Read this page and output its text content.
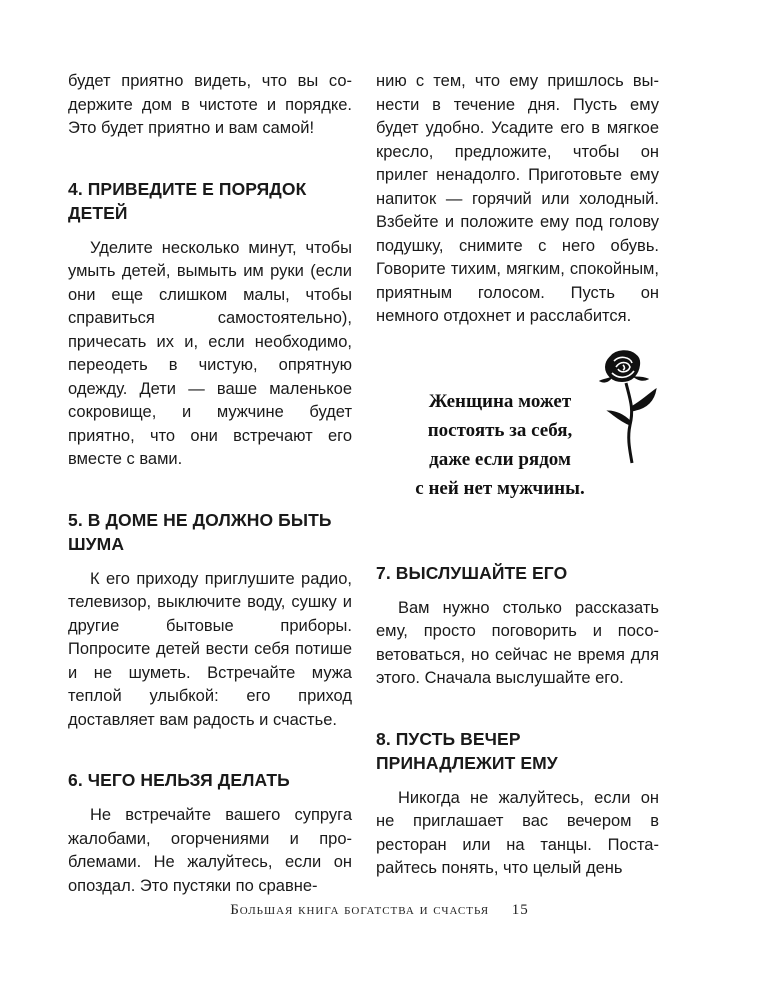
будет приятно видеть, что вы содержите дом в чистоте и порядке. Это будет приятно и вам самой!

4. ПРИВЕДИТЕ Е ПОРЯДОК ДЕТЕЙ

Уделите несколько минут, чтобы умыть детей, вымыть им руки (если они еще слишком малы, чтобы справиться самостоятельно), причесать их и, если необходимо, переодеть в чистую, опрятную одежду. Дети — ваше маленькое сокровище, и мужчине будет приятно, что они встречают его вместе с вами.

5. В ДОМЕ НЕ ДОЛЖНО БЫТЬ ШУМА

К его приходу приглушите радио, телевизор, выключите воду, сушку и другие бытовые приборы. Попросите детей вести себя потише и не шуметь. Встречайте мужа теплой улыбкой: его приход доставляет вам радость и счастье.

6. ЧЕГО НЕЛЬЗЯ ДЕЛАТЬ

Не встречайте вашего супруга жалобами, огорчениями и проблемами. Не жалуйтесь, если он опоздал. Это пустяки по сравне-

нию с тем, что ему пришлось вынести в течение дня. Пусть ему будет удобно. Усадите его в мягкое кресло, предложите, чтобы он прилег ненадолго. Приготовьте ему напиток — горячий или холодный. Взбейте и положите ему под голову подушку, снимите с него обувь. Говорите тихим, мягким, спокойным, приятным голосом. Пусть он немного отдохнет и расслабится.

Женщина может
постоять за себя,
даже если рядом
с ней нет мужчины.
7. ВЫСЛУШАЙТЕ ЕГО

Вам нужно столько рассказать ему, просто поговорить и посоветоваться, но сейчас не время для этого. Сначала выслушайте его.

8. ПУСТЬ ВЕЧЕР ПРИНАДЛЕЖИТ ЕМУ

Никогда не жалуйтесь, если он не приглашает вас вечером в ресторан или на танцы. Постарайтесь понять, что целый день

Большая книга богатства и счастья 15
